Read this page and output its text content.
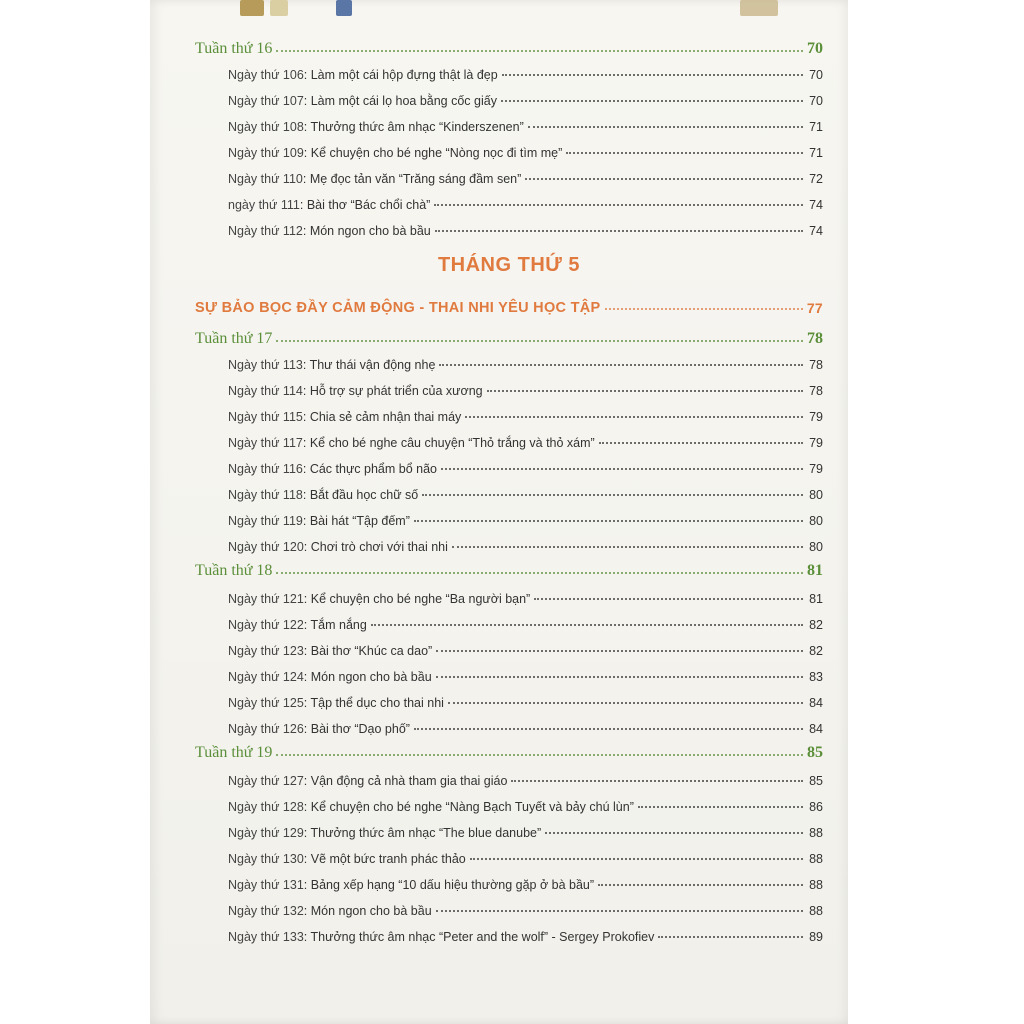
Tuần thứ 16	70
Ngày thứ 106: Làm một cái hộp đựng thật là đẹp	70
Ngày thứ 107: Làm một cái lọ hoa bằng cốc giấy	70
Ngày thứ 108: Thưởng thức âm nhạc “Kinderszenen”	71
Ngày thứ 109: Kể chuyện cho bé nghe “Nòng nọc đi tìm mẹ”	71
Ngày thứ 110: Mẹ đọc tản văn “Trăng sáng đầm sen”	72
ngày thứ 111: Bài thơ “Bác chổi chà”	74
Ngày thứ 112: Món ngon cho bà bầu	74
THÁNG THỨ 5
SỰ BẢO BỌC ĐẦY CẢM ĐỘNG - THAI NHI YÊU HỌC TẬP	77
Tuần thứ 17	78
Ngày thứ 113: Thư thái vận động nhẹ	78
Ngày thứ 114: Hỗ trợ sự phát triển của xương	78
Ngày thứ 115: Chia sẻ cảm nhận thai máy	79
Ngày thứ 117: Kể cho bé nghe câu chuyện “Thỏ trắng và thỏ xám”	79
Ngày thứ 116: Các thực phẩm bổ não	79
Ngày thứ 118: Bắt đầu học chữ số	80
Ngày thứ 119: Bài hát “Tập đếm”	80
Ngày thứ 120: Chơi trò chơi với thai nhi	80
Tuần thứ 18	81
Ngày thứ 121: Kể chuyện cho bé nghe “Ba người bạn”	81
Ngày thứ 122: Tắm nắng	82
Ngày thứ 123: Bài thơ “Khúc ca dao”	82
Ngày thứ 124: Món ngon cho bà bầu	83
Ngày thứ 125: Tập thể dục cho thai nhi	84
Ngày thứ 126: Bài thơ “Dạo phố”	84
Tuần thứ 19	85
Ngày thứ 127: Vận động cả nhà tham gia thai giáo	85
Ngày thứ 128: Kể chuyện cho bé nghe “Nàng Bạch Tuyết và bảy chú lùn”	86
Ngày thứ 129: Thưởng thức âm nhạc “The blue danube”	88
Ngày thứ 130: Vẽ một bức tranh phác thảo	88
Ngày thứ 131: Bảng xếp hạng “10 dấu hiệu thường gặp ở bà bầu”	88
Ngày thứ 132: Món ngon cho bà bầu	88
Ngày thứ 133: Thưởng thức âm nhạc “Peter and the wolf” - Sergey Prokofiev	89
